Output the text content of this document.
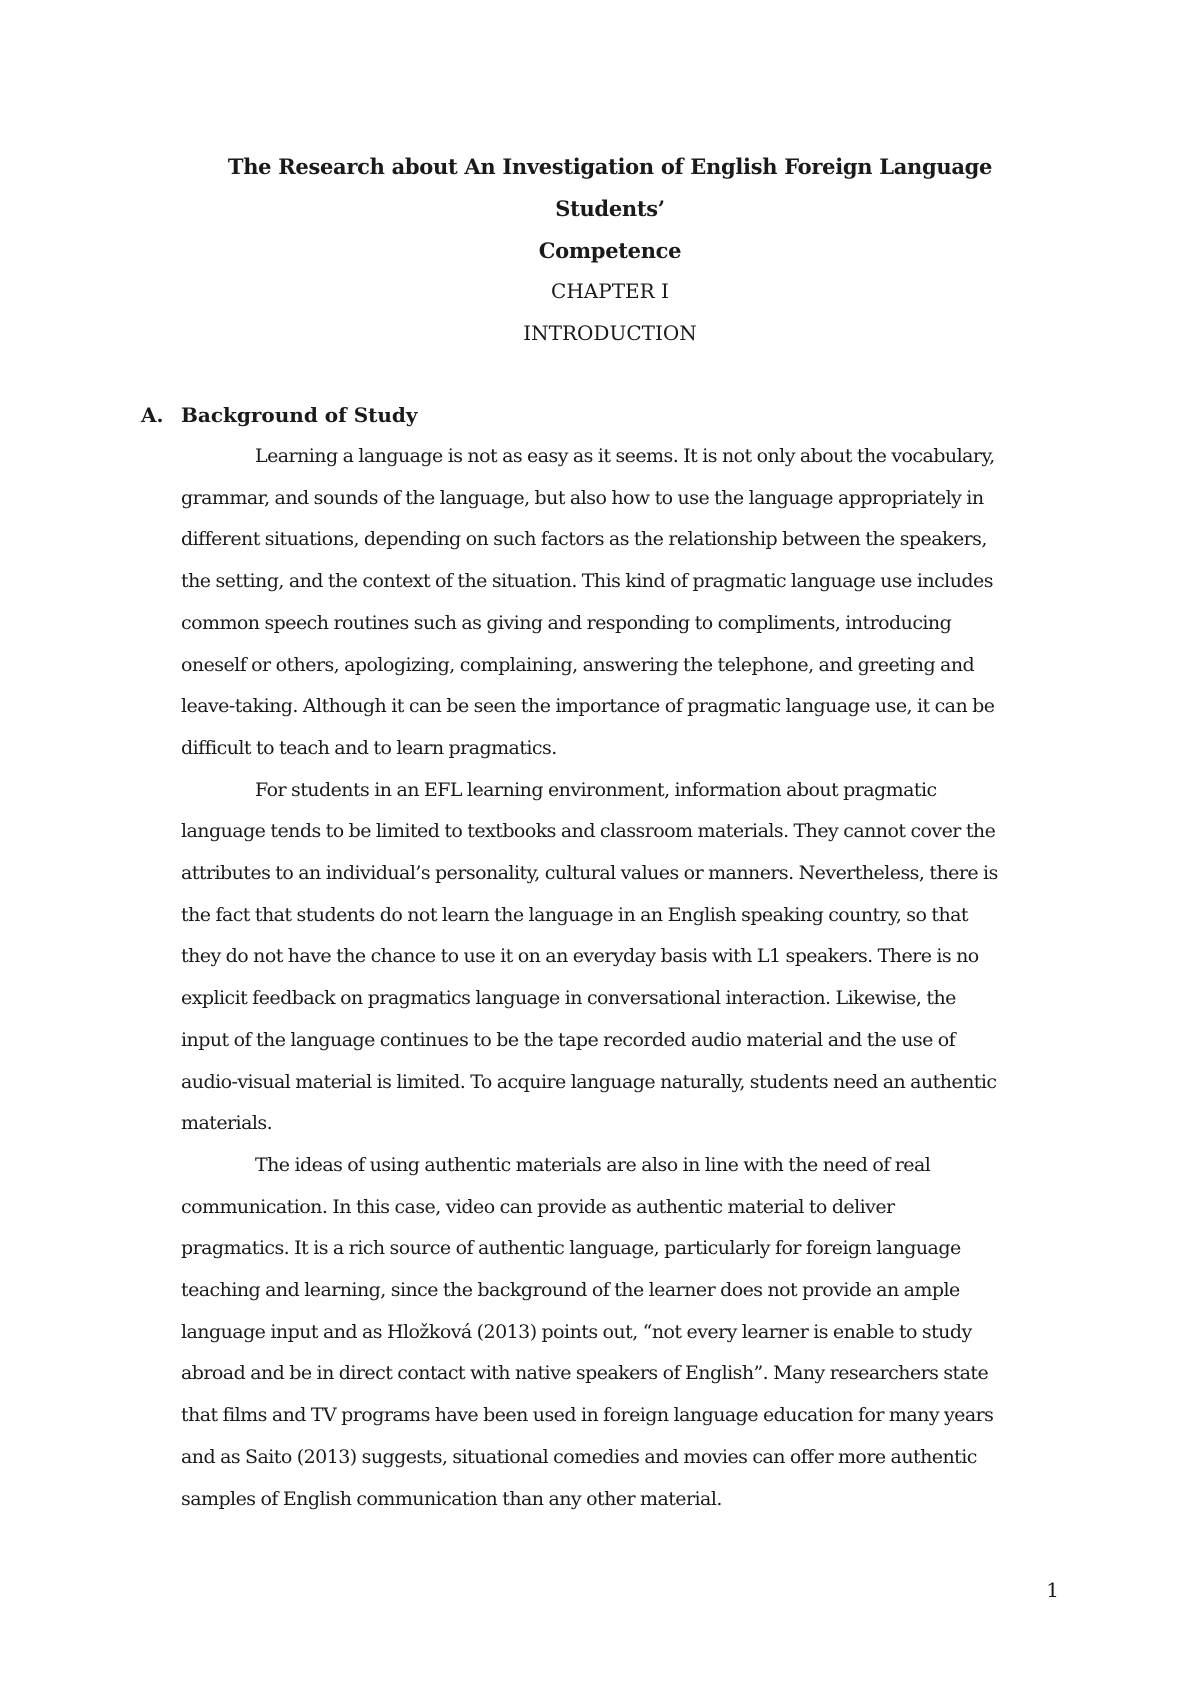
The Research about An Investigation of English Foreign Language Students’
Competence
CHAPTER I
INTRODUCTION
A. Background of Study
Learning a language is not as easy as it seems. It is not only about the vocabulary,
grammar, and sounds of the language, but also how to use the language appropriately in
different situations, depending on such factors as the relationship between the speakers,
the setting, and the context of the situation. This kind of pragmatic language use includes
common speech routines such as giving and responding to compliments, introducing
oneself or others, apologizing, complaining, answering the telephone, and greeting and
leave-taking. Although it can be seen the importance of pragmatic language use, it can be
difficult to teach and to learn pragmatics.
For students in an EFL learning environment, information about pragmatic
language tends to be limited to textbooks and classroom materials. They cannot cover the
attributes to an individual’s personality, cultural values or manners. Nevertheless, there is
the fact that students do not learn the language in an English speaking country, so that
they do not have the chance to use it on an everyday basis with L1 speakers. There is no
explicit feedback on pragmatics language in conversational interaction. Likewise, the
input of the language continues to be the tape recorded audio material and the use of
audio-visual material is limited. To acquire language naturally, students need an authentic
materials.
The ideas of using authentic materials are also in line with the need of real
communication. In this case, video can provide as authentic material to deliver
pragmatics. It is a rich source of authentic language, particularly for foreign language
teaching and learning, since the background of the learner does not provide an ample
language input and as Hložková (2013) points out, “not every learner is enable to study
abroad and be in direct contact with native speakers of English”. Many researchers state
that films and TV programs have been used in foreign language education for many years
and as Saito (2013) suggests, situational comedies and movies can offer more authentic
samples of English communication than any other material.
1
